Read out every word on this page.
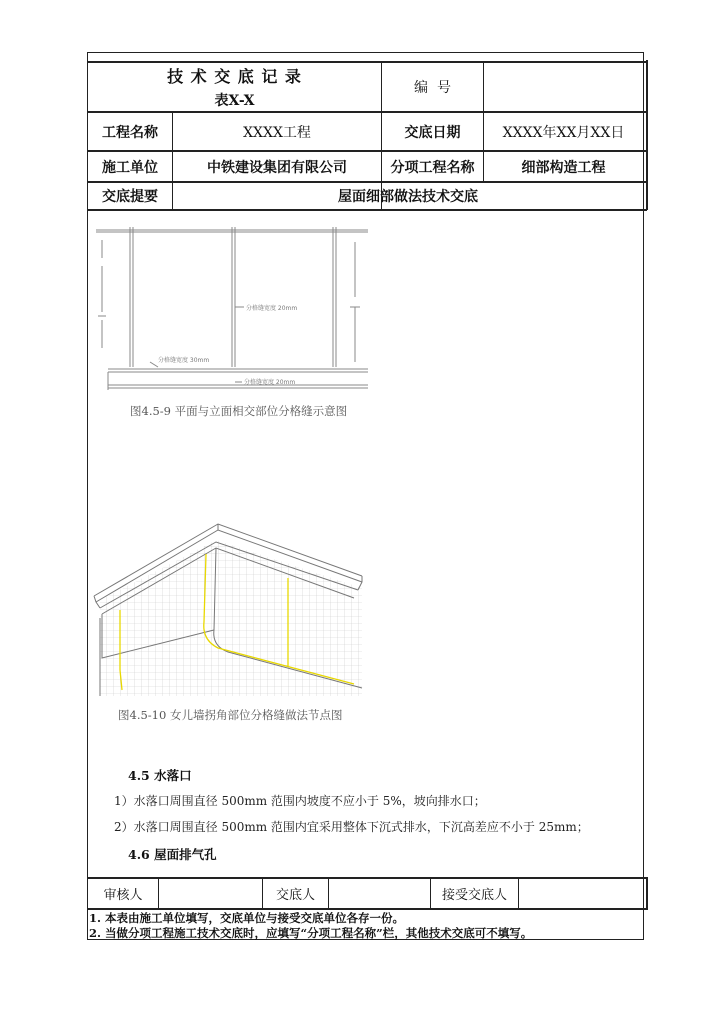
技 术 交 底 记 录
表X-X
编  号
工程名称	XXXX工程	交底日期	XXXX年XX月XX日
施工单位	中铁建设集团有限公司	分项工程名称	细部构造工程
交底提要	屋面细部做法技术交底
分格缝宽度 20mm
分格缝宽度 30mm
分格缝宽度 20mm
图4.5-9 平面与立面相交部位分格缝示意图
图4.5-10 女儿墙拐角部位分格缝做法节点图
4.5 水落口
1）水落口周围直径 500mm 范围内坡度不应小于 5%，坡向排水口；
2）水落口周围直径 500mm 范围内宜采用整体下沉式排水，下沉高差应不小于 25mm；
4.6 屋面排气孔
审核人	交底人	接受交底人
1. 本表由施工单位填写，交底单位与接受交底单位各存一份。
2. 当做分项工程施工技术交底时，应填写“分项工程名称”栏，其他技术交底可不填写。
